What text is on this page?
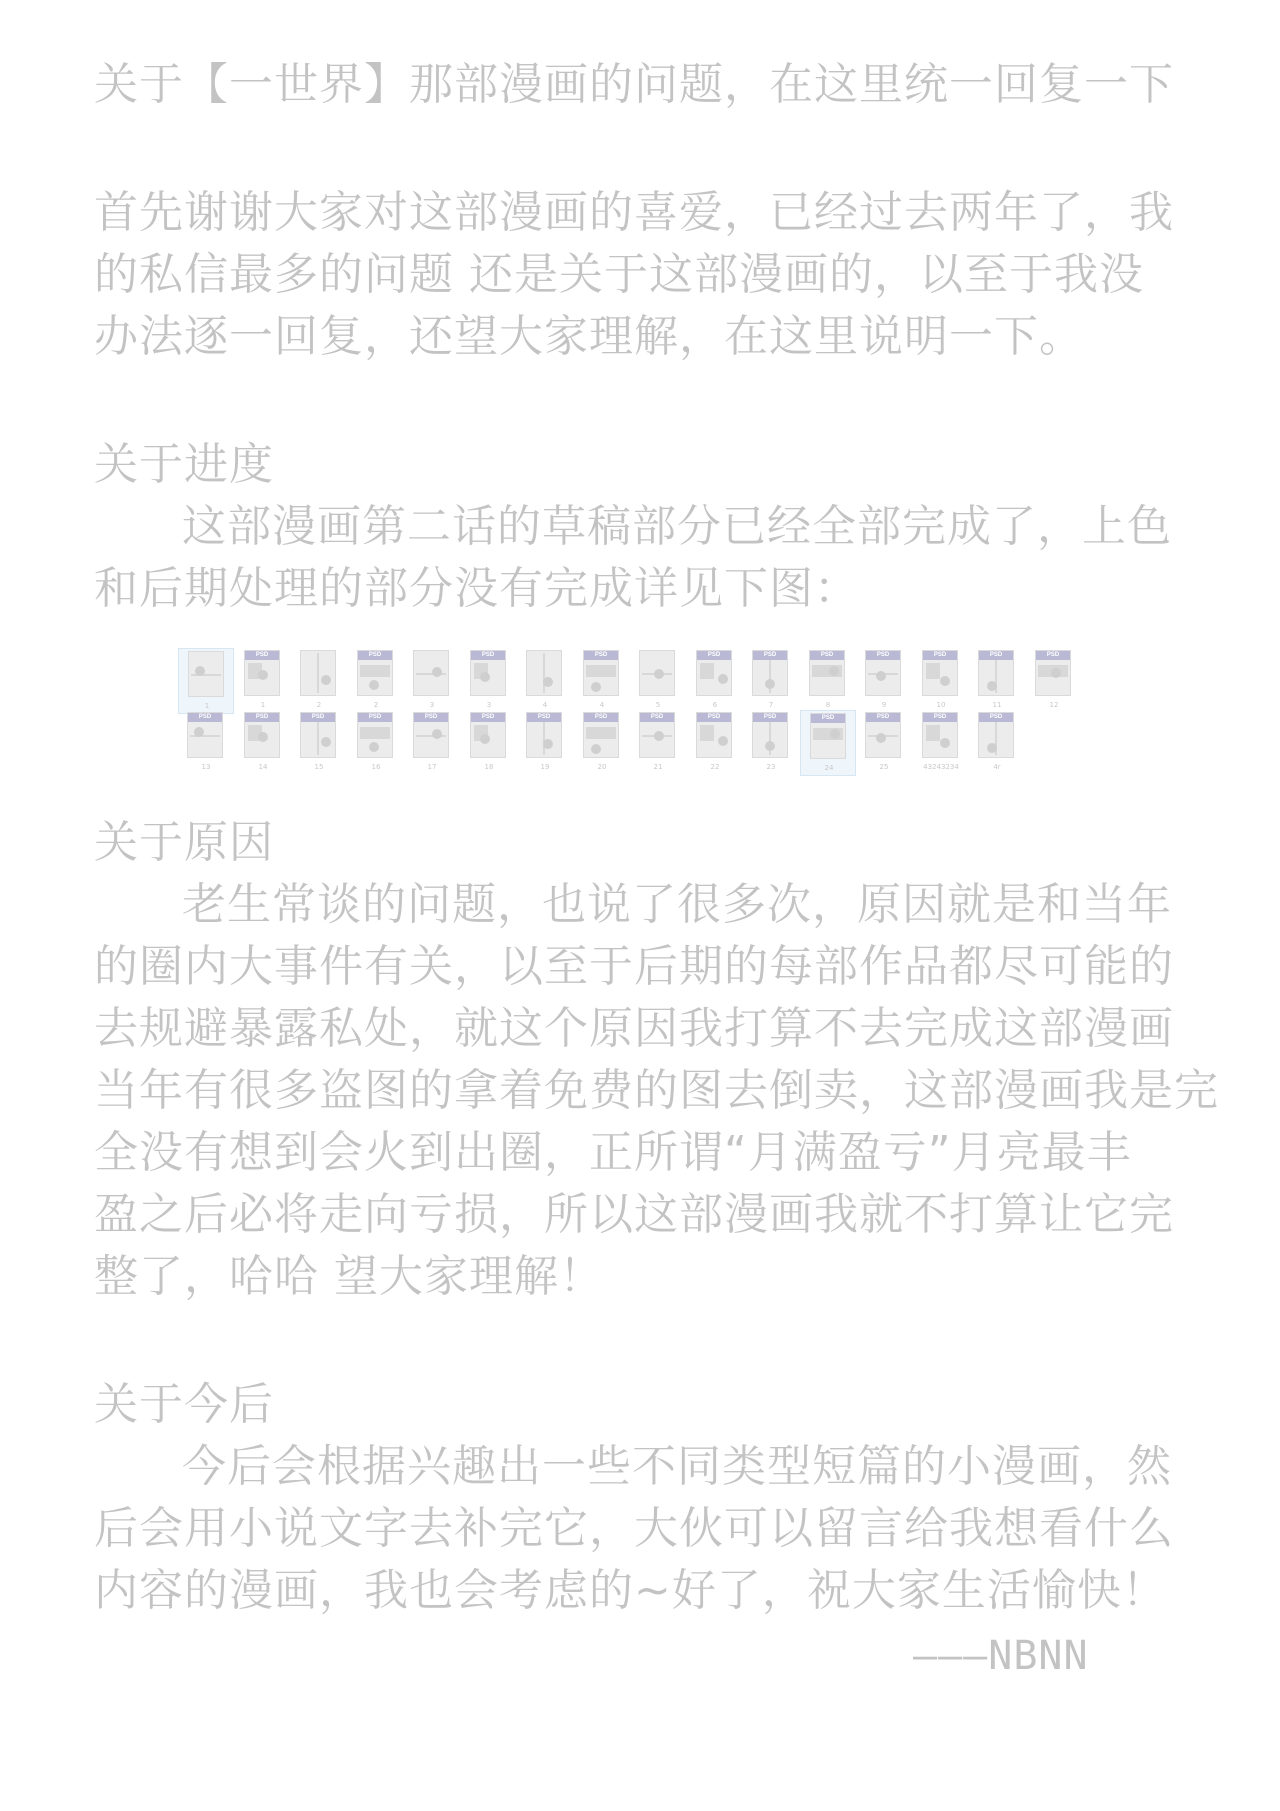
关于【一世界】那部漫画的问题，在这里统一回复一下
首先谢谢大家对这部漫画的喜爱，已经过去两年了，我
的私信最多的问题 还是关于这部漫画的，以至于我没
办法逐一回复，还望大家理解，在这里说明一下。
关于进度
这部漫画第二话的草稿部分已经全部完成了，上色
和后期处理的部分没有完成详见下图：
1
PSD
1	2
PSD
2	3
PSD
3	4
PSD
4	5
PSD
6
PSD
7
PSD
8
PSD
9
PSD
10
PSD
11
PSD
12
PSD
13
PSD
14
PSD
15
PSD
16
PSD
17
PSD
18
PSD
19
PSD
20
PSD
21
PSD
22
PSD
23
PSD
24
PSD
25
PSD
43243234
PSD
4r
关于原因
老生常谈的问题，也说了很多次，原因就是和当年
的圈内大事件有关，以至于后期的每部作品都尽可能的
去规避暴露私处，就这个原因我打算不去完成这部漫画
当年有很多盗图的拿着免费的图去倒卖，这部漫画我是完
全没有想到会火到出圈，正所谓“月满盈亏”月亮最丰
盈之后必将走向亏损，所以这部漫画我就不打算让它完
整了，哈哈 望大家理解！
关于今后
今后会根据兴趣出一些不同类型短篇的小漫画，然
后会用小说文字去补完它，大伙可以留言给我想看什么
内容的漫画，我也会考虑的~好了，祝大家生活愉快！
———NBNN
